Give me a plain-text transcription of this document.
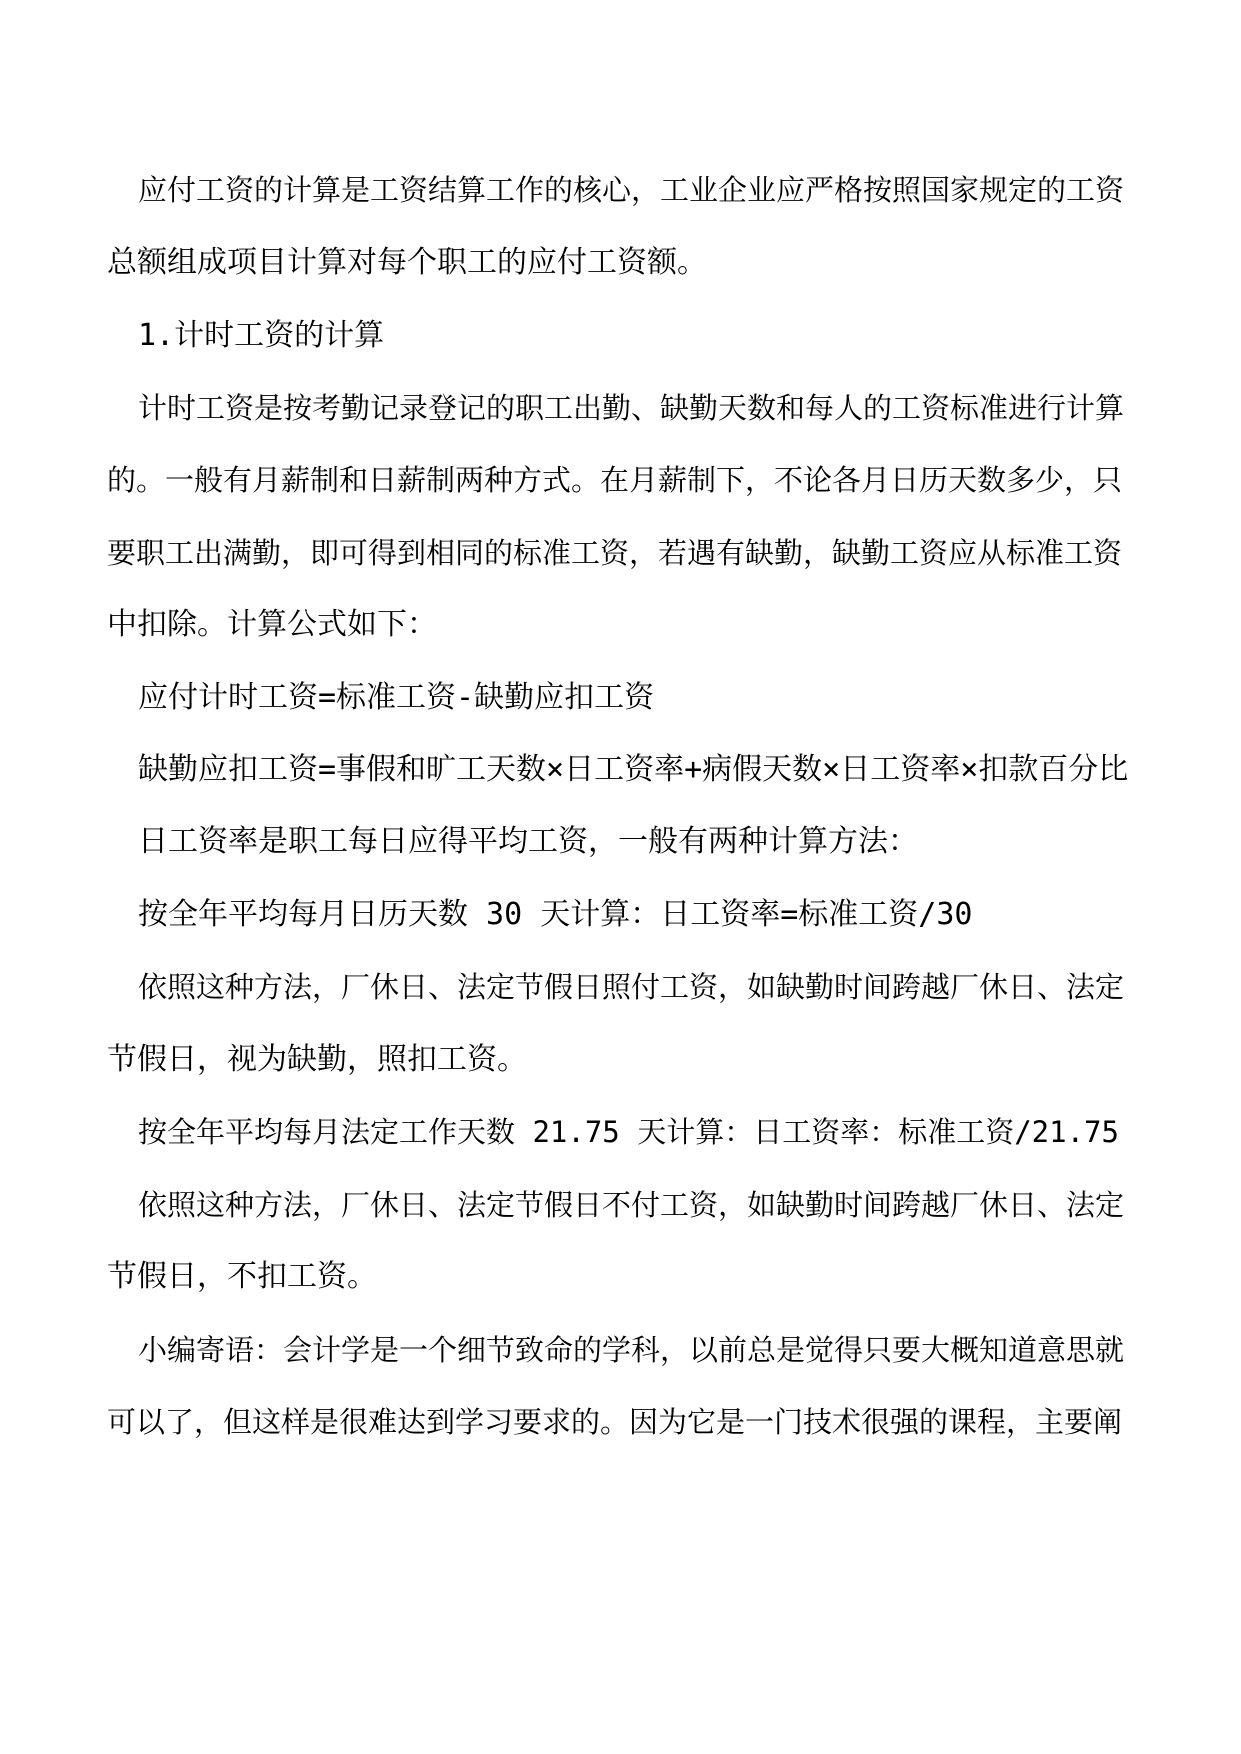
应付工资的计算是工资结算工作的核心，工业企业应严格按照国家规定的工资

总额组成项目计算对每个职工的应付工资额。

1.计时工资的计算

计时工资是按考勤记录登记的职工出勤、缺勤天数和每人的工资标准进行计算

的。一般有月薪制和日薪制两种方式。在月薪制下，不论各月日历天数多少，只

要职工出满勤，即可得到相同的标准工资，若遇有缺勤，缺勤工资应从标准工资

中扣除。计算公式如下：

应付计时工资=标准工资-缺勤应扣工资

缺勤应扣工资=事假和旷工天数×日工资率+病假天数×日工资率×扣款百分比

日工资率是职工每日应得平均工资，一般有两种计算方法：

按全年平均每月日历天数 30 天计算：日工资率=标准工资/30

依照这种方法，厂休日、法定节假日照付工资，如缺勤时间跨越厂休日、法定

节假日，视为缺勤，照扣工资。

按全年平均每月法定工作天数 21.75 天计算：日工资率：标准工资/21.75

依照这种方法，厂休日、法定节假日不付工资，如缺勤时间跨越厂休日、法定

节假日，不扣工资。

小编寄语：会计学是一个细节致命的学科，以前总是觉得只要大概知道意思就

可以了，但这样是很难达到学习要求的。因为它是一门技术很强的课程，主要阐
